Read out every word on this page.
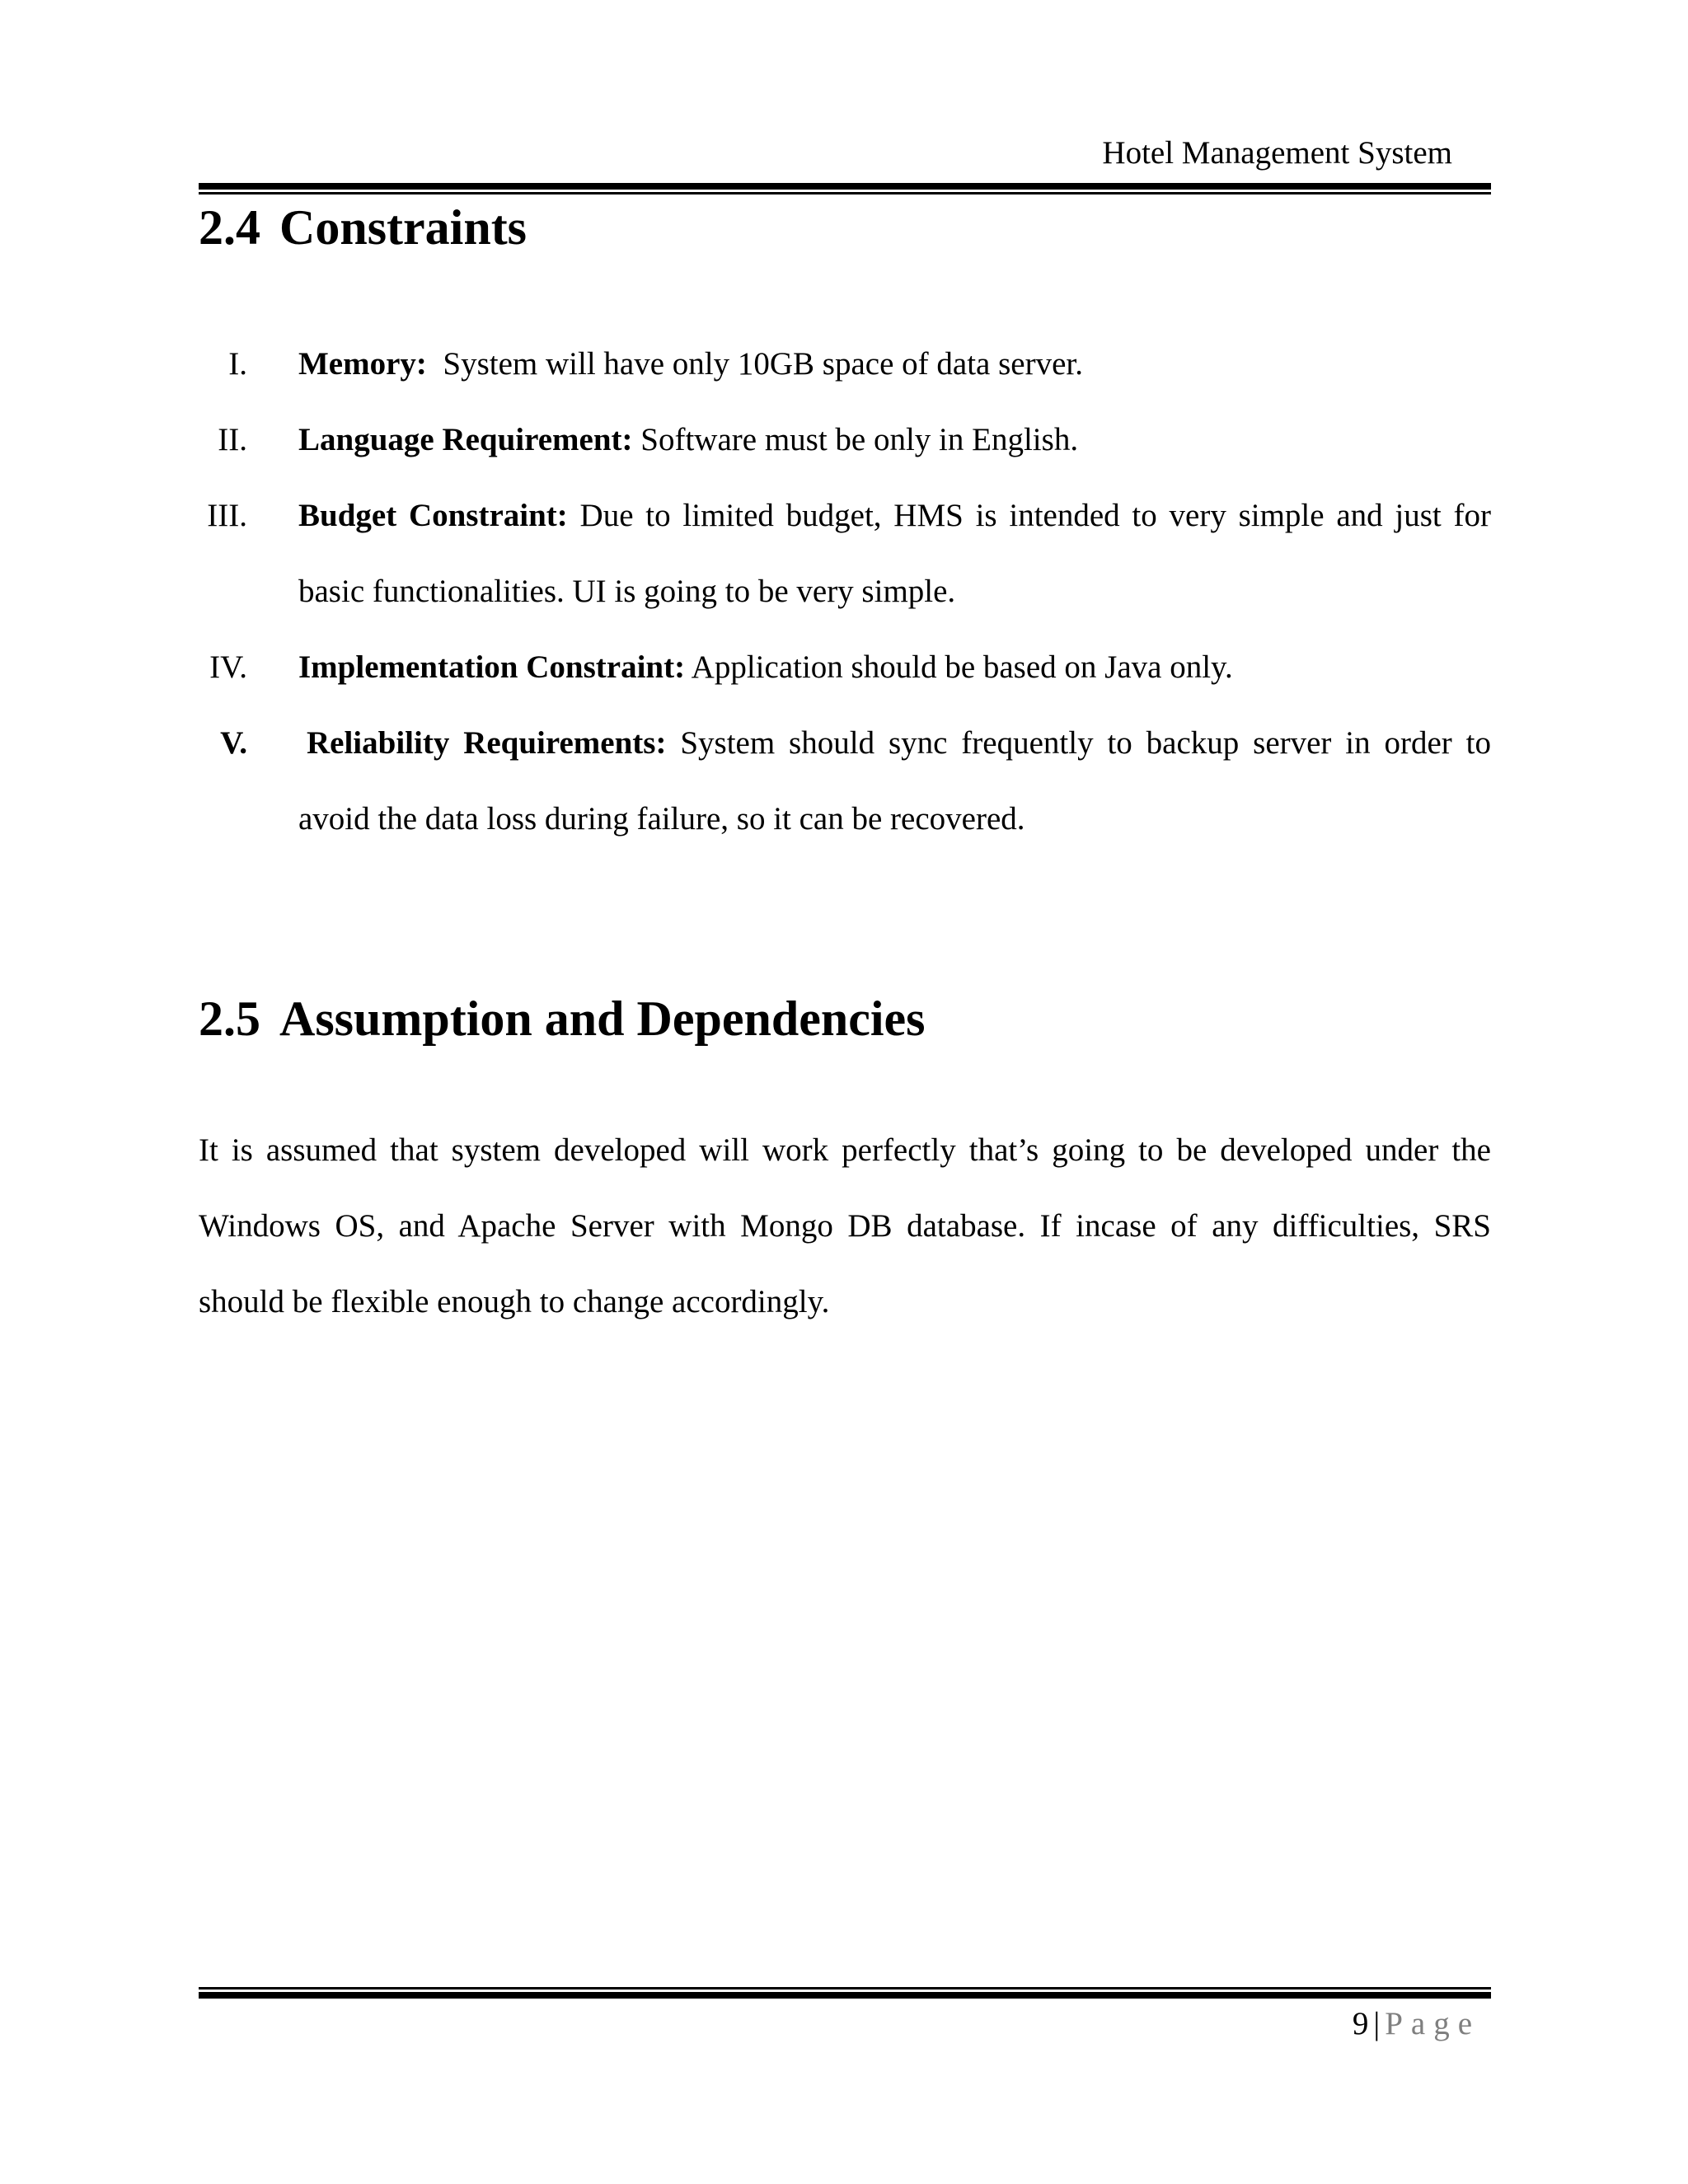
Hotel Management System
2.4 Constraints
I. Memory:  System will have only 10GB space of data server.
II. Language Requirement: Software must be only in English.
III. Budget Constraint: Due to limited budget, HMS is intended to very simple and just for
basic functionalities. UI is going to be very simple.
IV. Implementation Constraint: Application should be based on Java only.
V. Reliability Requirements: System should sync frequently to backup server in order to
avoid the data loss during failure, so it can be recovered.
2.5 Assumption and Dependencies
It is assumed that system developed will work perfectly that’s going to be developed under the
Windows OS, and Apache Server with Mongo DB database. If incase of any difficulties, SRS
should be flexible enough to change accordingly.
9 | Page
